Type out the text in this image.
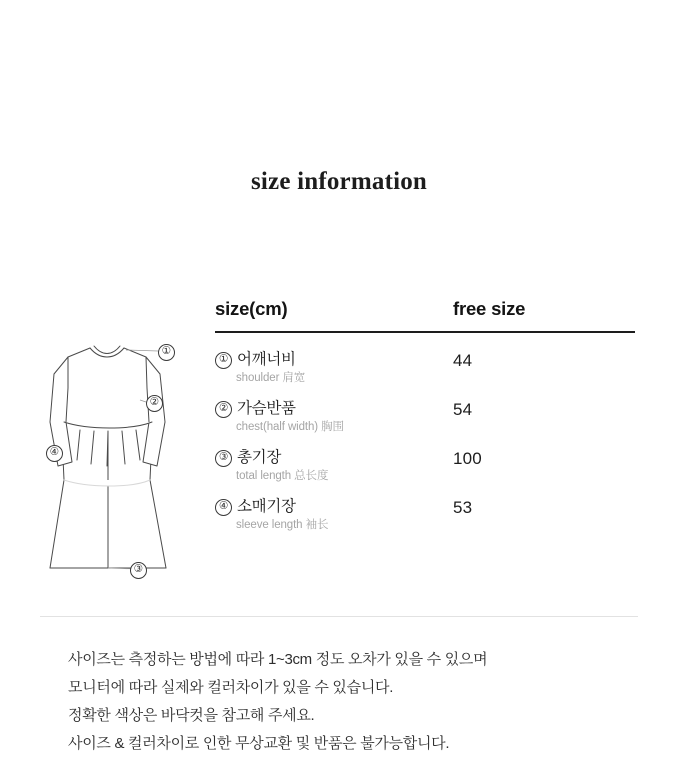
size information
①
②
③
④
size(cm)	free size
① 어깨너비
shoulder 肩宽
44
② 가슴반품
chest(half width) 胸围
54
③ 총기장
total length 总长度
100
④ 소매기장
sleeve length 袖长
53

사이즈는 측정하는 방법에 따라 1~3cm 정도 오차가 있을 수 있으며

모니터에 따라 실제와 컬러차이가 있을 수 있습니다.

정확한 색상은 바닥컷을 참고해 주세요.

사이즈 & 컬러차이로 인한 무상교환 및 반품은 불가능합니다.
